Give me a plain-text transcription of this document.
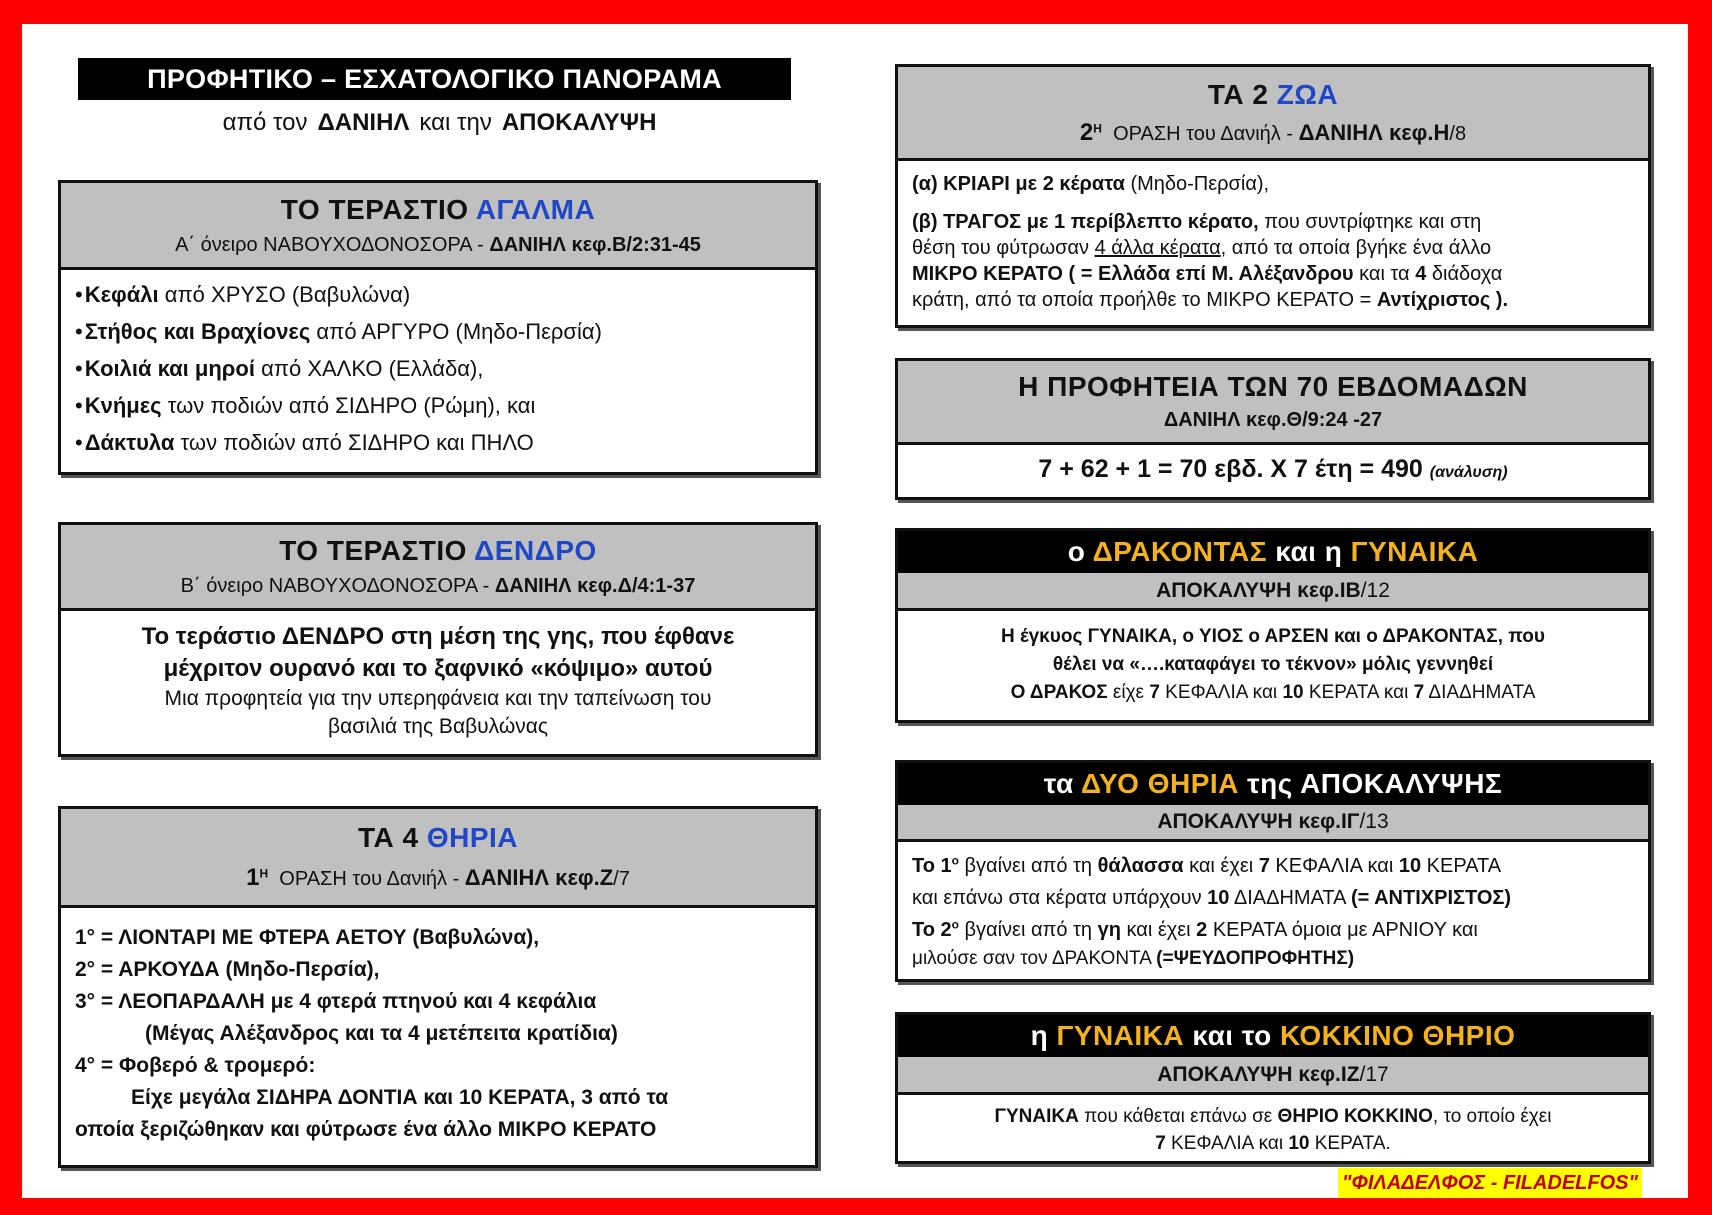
ΠΡΟΦΗΤΙΚΟ – ΕΣΧΑΤΟΛΟΓΙΚΟ ΠΑΝΟΡΑΜΑ
από τον ΔΑΝΙΗΛ και την ΑΠΟΚΑΛΥΨΗ
ΤΟ ΤΕΡΑΣΤΙΟ ΑΓΑΛΜΑ
Α΄ όνειρο ΝΑΒΟΥΧΟΔΟΝΟΣΟΡΑ - ΔΑΝΙΗΛ κεφ.Β/2:31-45

• Κεφάλι από ΧΡΥΣΟ (Βαβυλώνα)

• Στήθος και Βραχίονες από ΑΡΓΥΡΟ (Μηδο-Περσία)

• Κοιλιά και μηροί από ΧΑΛΚΟ (Ελλάδα),

• Κνήμες των ποδιών από ΣΙΔΗΡΟ (Ρώμη), και

• Δάκτυλα των ποδιών από ΣΙΔΗΡΟ και ΠΗΛΟ

ΤΟ ΤΕΡΑΣΤΙΟ ΔΕΝΔΡΟ
Β΄ όνειρο ΝΑΒΟΥΧΟΔΟΝΟΣΟΡΑ - ΔΑΝΙΗΛ κεφ.Δ/4:1-37

Το τεράστιο ΔΕΝΔΡΟ στη μέση της γης, που έφθανε

μέχριτον ουρανό και το ξαφνικό «κόψιμο» αυτού

Μια προφητεία για την υπερηφάνεια και την ταπείνωση του

βασιλιά της Βαβυλώνας

ΤΑ 4 ΘΗΡΙΑ
$1^H$ ΟΡΑΣΗ του Δανιήλ - ΔΑΝΙΗΛ κεφ.Ζ/7

1° = ΛΙΟΝΤΑΡΙ ΜΕ ΦΤΕΡΑ ΑΕΤΟΥ (Βαβυλώνα),

2° = ΑΡΚΟΥΔΑ (Μηδο-Περσία),

3° = ΛΕΟΠΑΡΔΑΛΗ με 4 φτερά πτηνού και 4 κεφάλια

(Μέγας Αλέξανδρος και τα 4 μετέπειτα κρατίδια)

4° = Φοβερό & τρομερό:

Είχε μεγάλα ΣΙΔΗΡΑ ΔΟΝΤΙΑ και 10 ΚΕΡΑΤΑ, 3 από τα

οποία ξεριζώθηκαν και φύτρωσε ένα άλλο ΜΙΚΡΟ ΚΕΡΑΤΟ

ΤΑ 2 ΖΩΑ
$2^H$ ΟΡΑΣΗ του Δανιήλ - ΔΑΝΙΗΛ κεφ.Η/8

(α) ΚΡΙΑΡΙ με 2 κέρατα (Μηδο-Περσία),

(β) ΤΡΑΓΟΣ με 1 περίβλεπτο κέρατο, που συντρίφτηκε και στη

θέση του φύτρωσαν 4 άλλα κέρατα, από τα οποία βγήκε ένα άλλο

ΜΙΚΡΟ ΚΕΡΑΤΟ ( = Ελλάδα επί Μ. Αλέξανδρου και τα 4 διάδοχα

κράτη, από τα οποία προήλθε το ΜΙΚΡΟ ΚΕΡΑΤΟ = Αντίχριστος ).

Η ΠΡΟΦΗΤΕΙΑ ΤΩΝ 70 ΕΒΔΟΜΑΔΩΝ
ΔΑΝΙΗΛ κεφ.Θ/9:24 -27
7 + 62 + 1 = 70 εβδ. Χ 7 έτη = 490 (ανάλυση)
ο ΔΡΑΚΟΝΤΑΣ και η ΓΥΝΑΙΚΑ
ΑΠΟΚΑΛΥΨΗ κεφ.ΙΒ /12

Η έγκυος ΓΥΝΑΙΚΑ, ο ΥΙΟΣ ο ΑΡΣΕΝ και ο ΔΡΑΚΟΝΤΑΣ, που

θέλει να «….καταφάγει το τέκνον» μόλις γεννηθεί

Ο ΔΡΑΚΟΣ είχε 7 ΚΕΦΑΛΙΑ και 10 ΚΕΡΑΤΑ και 7 ΔΙΑΔΗΜΑΤΑ

τα ΔΥΟ ΘΗΡΙΑ της ΑΠΟΚΑΛΥΨΗΣ
ΑΠΟΚΑΛΥΨΗ κεφ.ΙΓ /13

Το $1^o$ βγαίνει από τη θάλασσα και έχει 7 ΚΕΦΑΛΙΑ και 10 ΚΕΡΑΤΑ

και επάνω στα κέρατα υπάρχουν 10 ΔΙΑΔΗΜΑΤΑ (= ΑΝΤΙΧΡΙΣΤΟΣ)

Το $2^o$ βγαίνει από τη γη και έχει 2 ΚΕΡΑΤΑ όμοια με ΑΡΝΙΟΥ και

μιλούσε σαν τον ΔΡΑΚΟΝΤΑ (=ΨΕΥΔΟΠΡΟΦΗΤΗΣ)

η ΓΥΝΑΙΚΑ και το ΚΟΚΚΙΝΟ ΘΗΡΙΟ
ΑΠΟΚΑΛΥΨΗ κεφ.ΙΖ /17

ΓΥΝΑΙΚΑ που κάθεται επάνω σε ΘΗΡΙΟ ΚΟΚΚΙΝΟ, το οποίο έχει

7 ΚΕΦΑΛΙΑ και 10 ΚΕΡΑΤΑ.

"ΦΙΛΑΔΕΛΦΟΣ - FILADELFOS"
